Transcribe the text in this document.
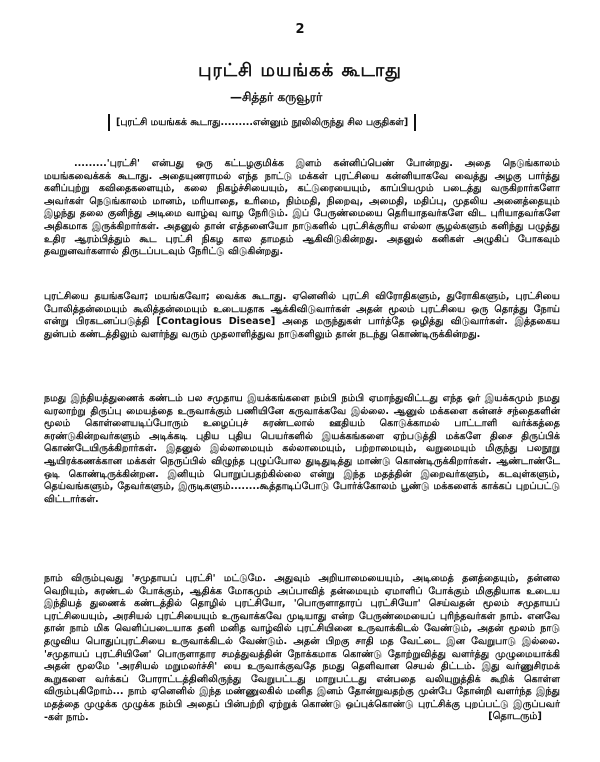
2
புரட்சி மயங்கக் கூடாது
—சித்தர் கருவூரர்
[புரட்சி மயங்கக் கூடாது.........என்னும் நூலிலிருந்து சில பகுதிகள்]

.........'புரட்சி' என்பது ஒரு கட்டழகுமிக்க இளம் கன்னிப்பெண் போன்றது. அதை நெடுங்காலம் மயங்கவைக்கக் கூடாது. அதையுணராமல் எந்த நாட்டு மக்கள் புரட்சியை கன்னியாகவே வைத்து அழகு பார்த்து களிப்புற்று கவிதைகளையும், கலை நிகழ்ச்சியையும், கட்டுரையையும், காப்பியமும் படைத்து வருகிறார்களோ அவர்கள் நெடுங்காலம் மானம், மரியாதை, உரிமை, நிம்மதி, நிறைவு, அமைதி, மதிப்பு, முதலிய அனைத்தையும் இழந்து தலை குனிந்து அடிமை வாழ்வு வாழ நேரிடும். இப் பேருண்மையை தெரியாதவர்களே விட புரியாதவர்களே அதிகமாக இருக்கிறார்கள். அதனுல் தான் எத்தனையோ நாடுகளில் புரட்சிக்குரிய எல்லா சூழல்களும் கனிந்து பழுத்து உதிர ஆரம்பித்தும் கூட புரட்சி நிகழ கால தாமதம் ஆகிவிடுகின்றது. அதனுல் கனிகள் அழுகிப் போகவும் தவறுனவர்களால் திருடப்படவும் நேரிட்டு விடுகின்றது.

புரட்சியை தயங்கவோ; மயங்கவோ; வைக்க கூடாது. ஏனெனில் புரட்சி விரோதிகளும், துரோகிகளும், புரட்சியை போலித்தன்மையும் கூலித்தன்மையும் உடையதாக ஆக்கிவிடுவார்கள் அதன் மூலம் புரட்சியை ஒரு தொத்து நோய் என்று பிரகடனப்படுத்தி [Contagious Disease] அதை மருந்துகள் பார்த்தே ஒழித்து விடுவார்கள். இத்தகைய துன்பம் கண்டத்திலும் வளர்ந்து வரும் முதலாளித்துவ நாடுகளிலும் தான் நடந்து கொண்டிருக்கின்றது.

நமது இந்தியத்துணைக் கண்டம் பல சமுதாய இயக்கங்களை நம்பி நம்பி ஏமாந்துவிட்டது எந்த ஓர் இயக்கமும் நமது வரலாற்று திருப்பு மையத்தை உருவாக்கும் பணியினே கருவாக்கவே இல்லை. ஆனுல் மக்களை கன்னச் சந்தைகளின் மூலம் கொள்ளையடிப்போரும் உழைப்புச் சுரண்டலால் ஊதியம் கொடுக்காமல் பாட்டாளி வர்க்கத்தை சுரண்டுகின்றவர்களும் அடிக்கடி புதிய புதிய பெயர்களில் இயக்கங்களை ஏற்படுத்தி மக்களே திசை திருப்பிக் கொண்டேயிருக்கிறார்கள். இதனுல் இல்லாமையும் கல்லாமையும், பற்றாமையும், வறுமையும் மிகுந்து பலநூறு ஆயிரக்கணக்கான மக்கள் நெருப்பில் விழுந்த புழுப்போல துடிதுடித்து மாண்டு கொண்டிருக்கிறார்கள். ஆண்டாண்டே ஒடி கொண்டிருக்கின்றன. இனியும் பொறுப்பதற்கில்லை என்று இந்த மதத்தின் இறைவர்களும், கடவுள்களும், தெய்வங்களும், தேவர்களும், இருடிகளும்........கூத்தாடிப்போடு போர்க்கோலம் பூண்டு மக்களைக் காக்கப் புறப்பட்டு விட்டார்கள்.

நாம் விரும்புவது 'சமுதாயப் புரட்சி' மட்டுமே. அதுவும் அறியாமையையும், அடிமைத் தனத்தையும், தன்னல வெறியும், சுரண்டல் போக்கும், ஆதிக்க மோகமும் அப்பாவித் தன்மையும் ஏமாளிப் போக்கும் மிகுதியாக உடைய இந்தியத் துணைக் கண்டத்தில் தொழில் புரட்சியோ, 'பொருளாதாரப் புரட்சியோ' செய்வதன் மூலம் சமுதாயப் புரட்சியையும், அரசியல் புரட்சியையும் உருவாக்கவே முடியாது என்ற பேருண்மையைப் புரிந்தவர்கள் நாம். எனவே தான் நாம் மிக வெளிப்படையாக தனி மனித வாழ்வில் புரட்சியினை உருவாக்கிடல் வேண்டும், அதன் மூலம் நாடு தழுவிய பொதுப்புரட்சியை உருவாக்கிடல் வேண்டும். அதன் பிறகு சாதி மத வேட்டை இன வேறுபாடு இல்லை. 'சமுதாயப் புரட்சியினே' பொருளாதார சமத்துவத்தின் நோக்கமாக கொண்டு தோற்றுவித்து வளர்த்து முழுமையாக்கி அதன் மூலமே 'அரசியல் மறுமலர்ச்சி' யை உருவாக்குவதே நமது தெளிவான செயல் திட்டம். இது வர்ணுசிரமக் கூறுகளை வர்க்கப் போராட்டத்தினிலிருந்து வேறுபட்டது மாறுபட்டது என்பதை வலியுறுத்திக் கூறிக் கொள்ள விரும்புகிறோம்... நாம் ஏனெனில் இந்த மண்ணுலகில் மனித இனம் தோன்றுவதற்கு முன்பே தோன்றி வளர்ந்த இந்து மதத்தை முழுக்க முழுக்க நம்பி அதைப் பின்பற்றி ஏற்றுக் கொண்டு ஒப்புக்கொண்டு புரட்சிக்கு புறப்பட்டு இருப்பவர் -கள் நாம்.	[தொடரும்]
